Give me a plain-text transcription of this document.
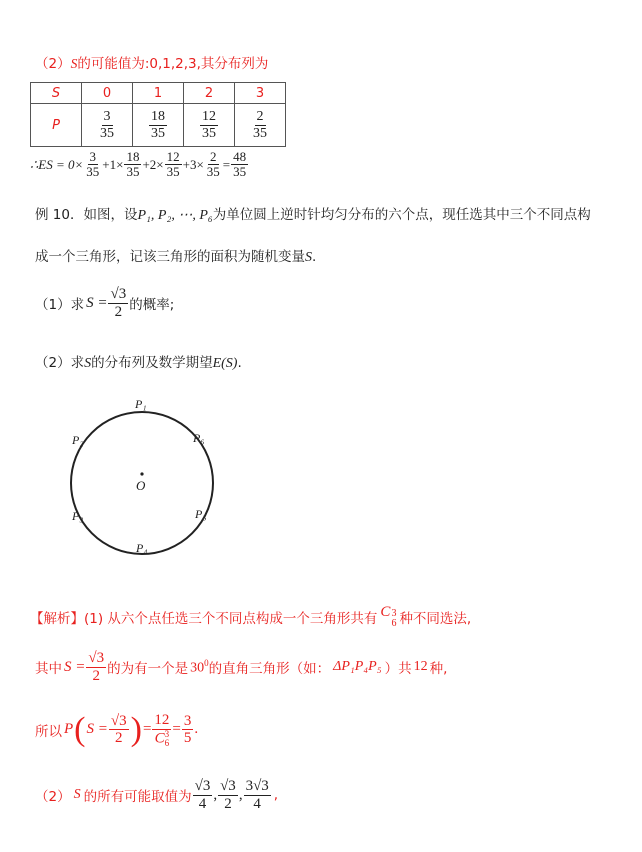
（2）S的可能值为:0,1,2,3,其分布列为
S	0	1	2	3
P	$\frac{3}{35}$	$\frac{18}{35}$	$\frac{12}{35}$	$\frac{2}{35}$
∴ES = $0\times \frac{3}{35} +1\times \frac{18}{35} +2\times \frac{12}{35} +3\times \frac{2}{35} = \frac{48}{35}$
例 10．如图，设P₁, P₂, ⋯, P₆为单位圆上逆时针均匀分布的六个点，现任选其中三个不同点构
成一个三角形，记该三角形的面积为随机变量S.
（1）求 $S = \frac{√3}{2}$ 的概率;
（2）求S的分布列及数学期望E(S).
P₁
P₂
P₃
P₄
P₅
P₆
O
【解析】(1) 从六个点任选三个不同点构成一个三角形共有 C 3
6 种不同选法,
其中 $S = \frac{√3}{2}$ 的为有一个是 $30^0$ 的直角三角形（如： ΔP₁P₄P₅ ）共 12 种,
所以 P ( $S = \frac{√3}{2}$ ) = 12
C 3
$6 = \frac{3}{5}$ .
（2） S 的所有可能取值为 $\frac{√3}{4}$ , $\frac{√3}{2}$ , $\frac{3√3}{4}$ ,
